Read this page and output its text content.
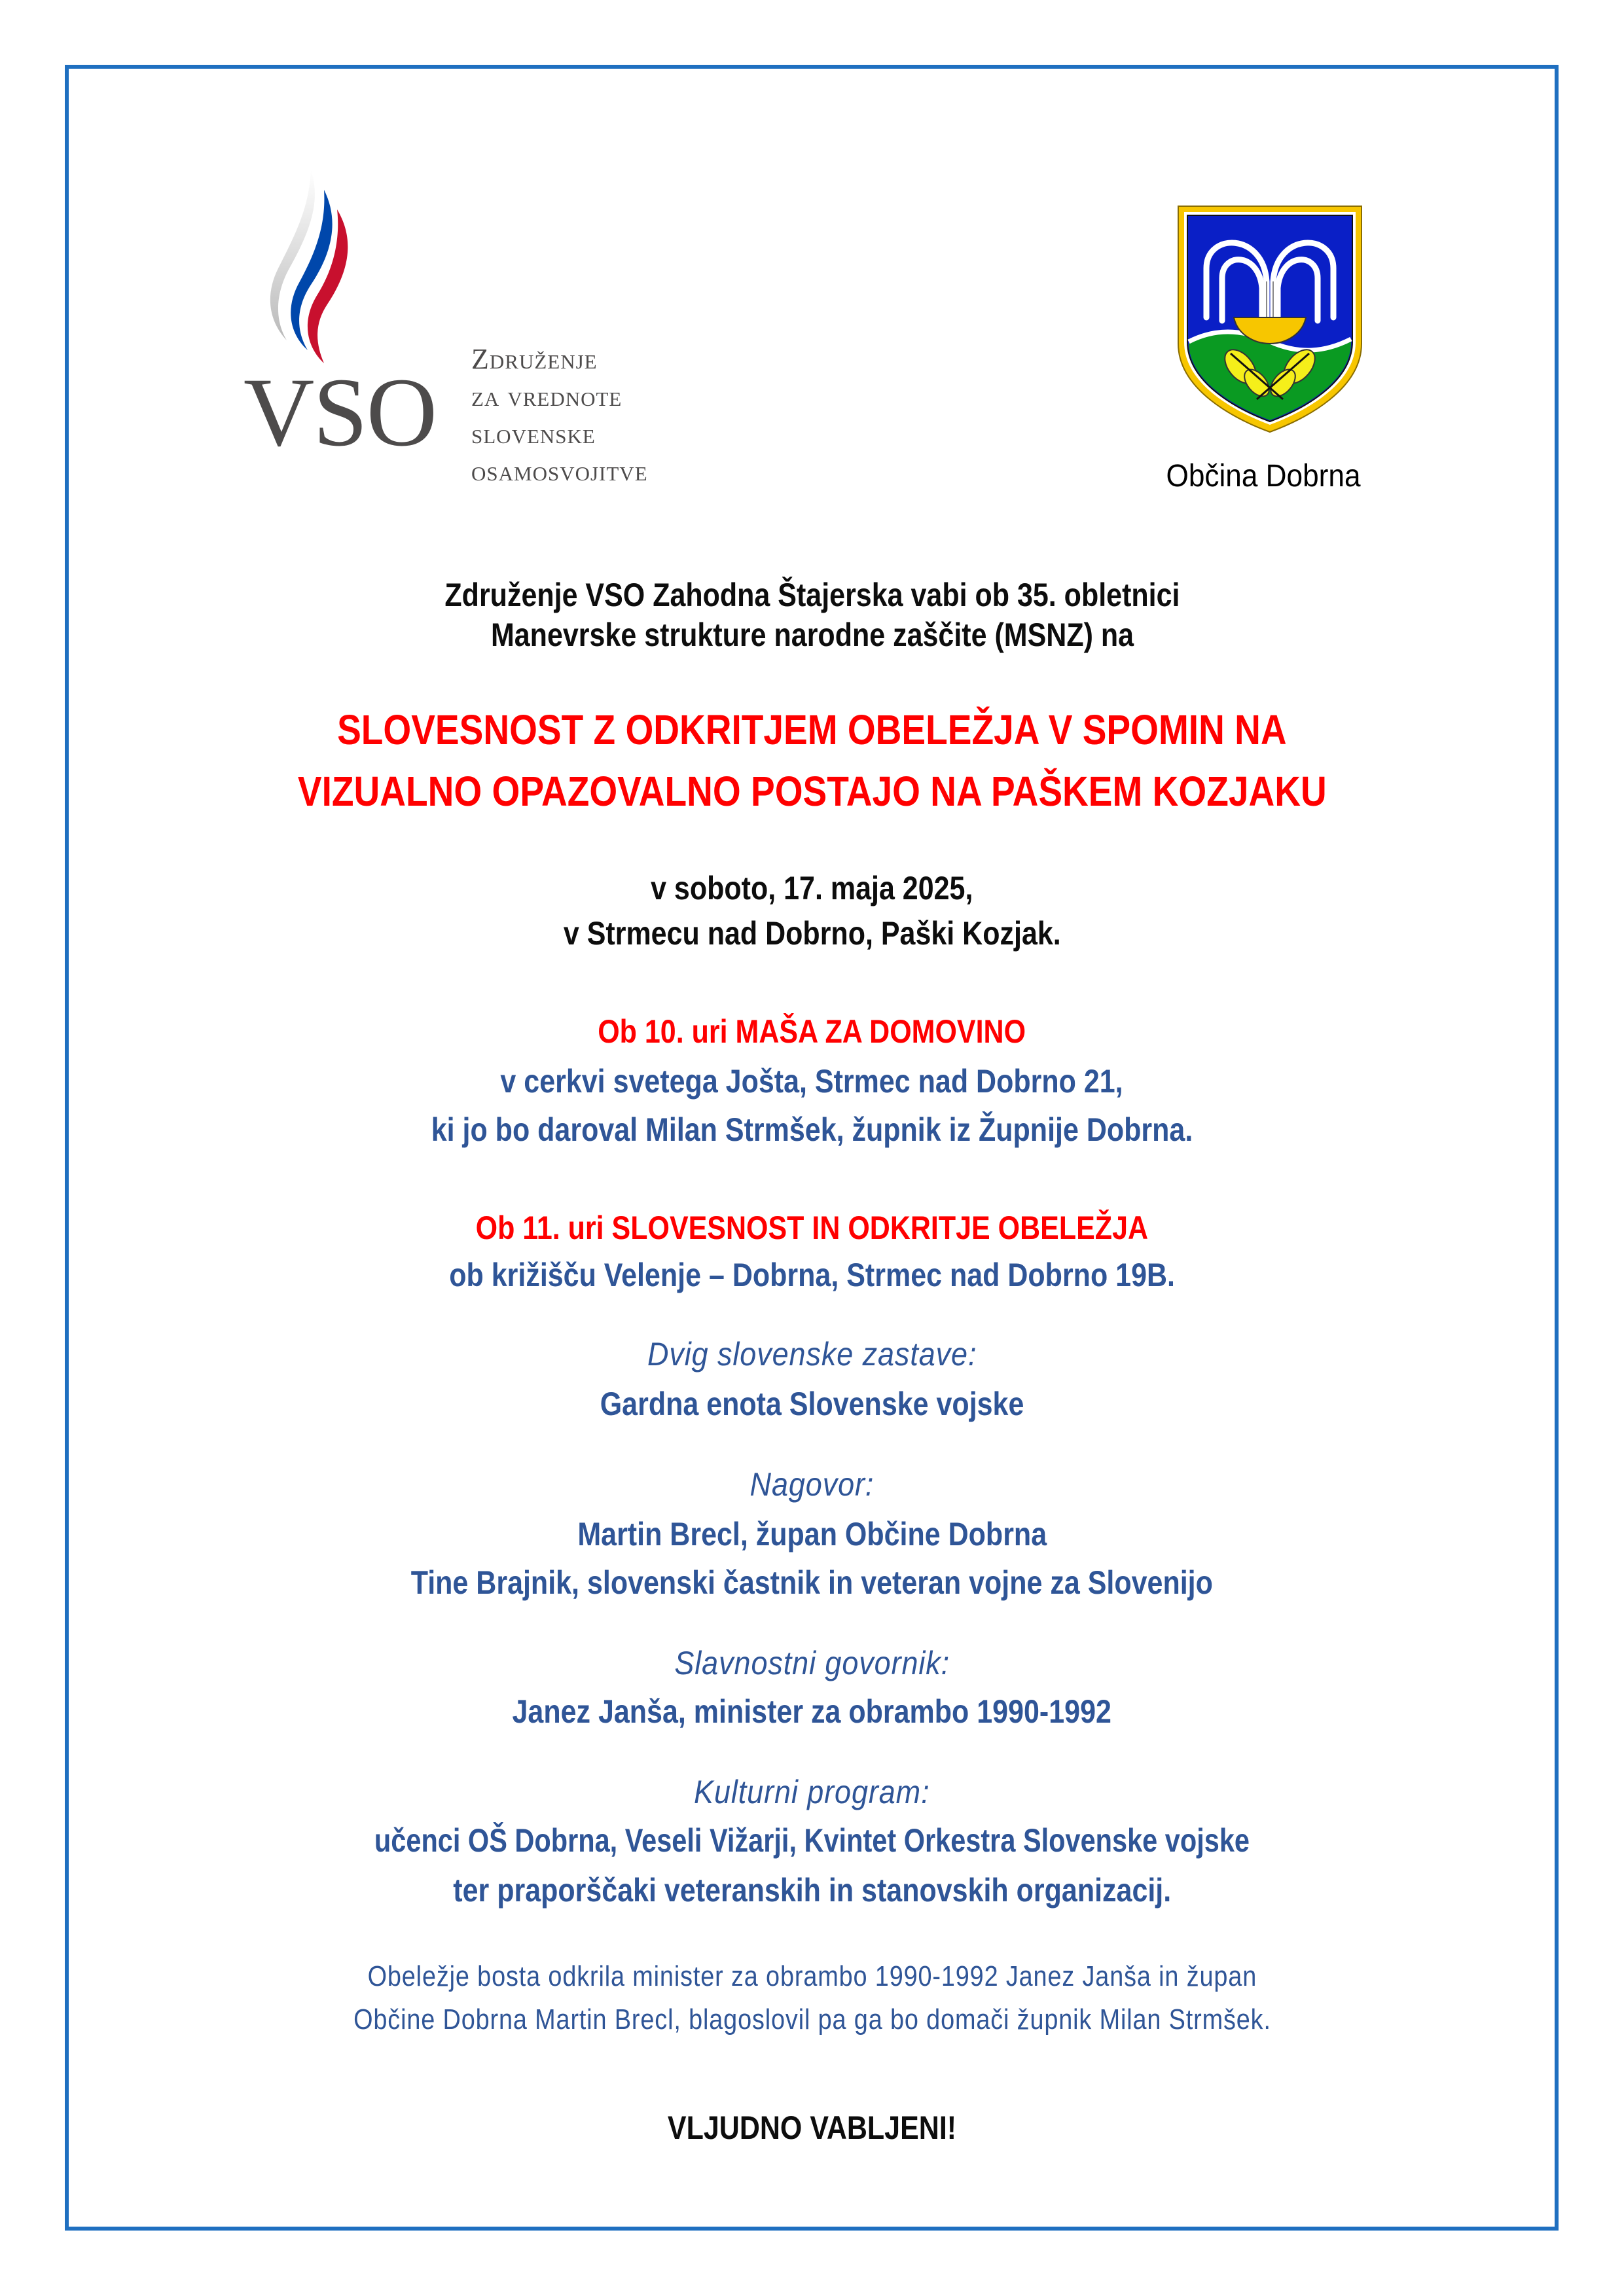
VSO Združenje
za vrednote
slovenske
osamosvojitve	Občina Dobrna
Združenje VSO Zahodna Štajerska vabi ob 35. obletnici
Manevrske strukture narodne zaščite (MSNZ) na
SLOVESNOST Z ODKRITJEM OBELEŽJA V SPOMIN NA
VIZUALNO OPAZOVALNO POSTAJO NA PAŠKEM KOZJAKU
v soboto, 17. maja 2025,
v Strmecu nad Dobrno, Paški Kozjak.
Ob 10. uri MAŠA ZA DOMOVINO
v cerkvi svetega Jošta, Strmec nad Dobrno 21,
ki jo bo daroval Milan Strmšek, župnik iz Župnije Dobrna.
Ob 11. uri SLOVESNOST IN ODKRITJE OBELEŽJA
ob križišču Velenje – Dobrna, Strmec nad Dobrno 19B.
Dvig slovenske zastave:
Gardna enota Slovenske vojske
Nagovor:
Martin Brecl, župan Občine Dobrna
Tine Brajnik, slovenski častnik in veteran vojne za Slovenijo
Slavnostni govornik:
Janez Janša, minister za obrambo 1990-1992
Kulturni program:
učenci OŠ Dobrna, Veseli Vižarji, Kvintet Orkestra Slovenske vojske
ter praporščaki veteranskih in stanovskih organizacij.
Obeležje bosta odkrila minister za obrambo 1990-1992 Janez Janša in župan
Občine Dobrna Martin Brecl, blagoslovil pa ga bo domači župnik Milan Strmšek.
VLJUDNO VABLJENI!
